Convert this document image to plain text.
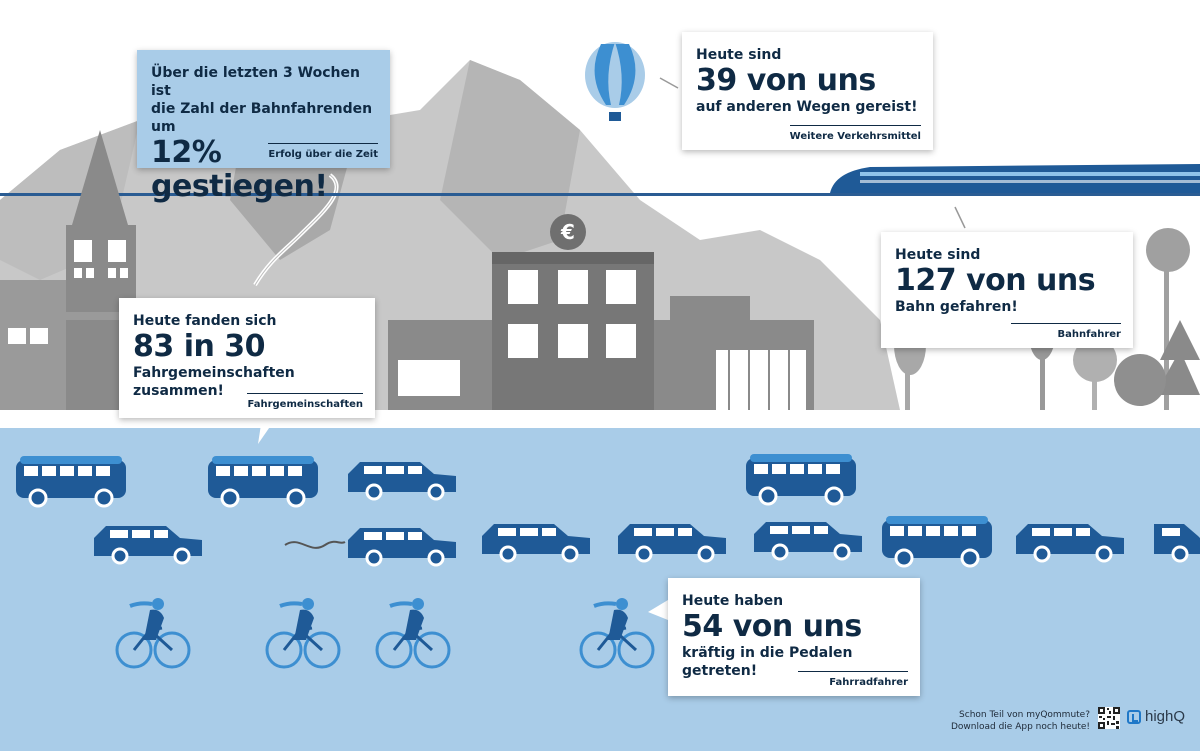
€
Über die letzten 3 Wochen ist
die Zahl der Bahnfahrenden um
12% gestiegen!
Erfolg über die Zeit
Heute sind
39 von uns
auf anderen Wegen gereist!
Weitere Verkehrsmittel
Heute sind
127 von uns
Bahn gefahren!
Bahnfahrer
Heute fanden sich
83 in 30
Fahrgemeinschaften zusammen!
Fahrgemeinschaften
Heute haben
54 von uns
kräftig in die Pedalen getreten!
Fahrradfahrer
Schon Teil von myQommute?
Download die App noch heute!
highQ
